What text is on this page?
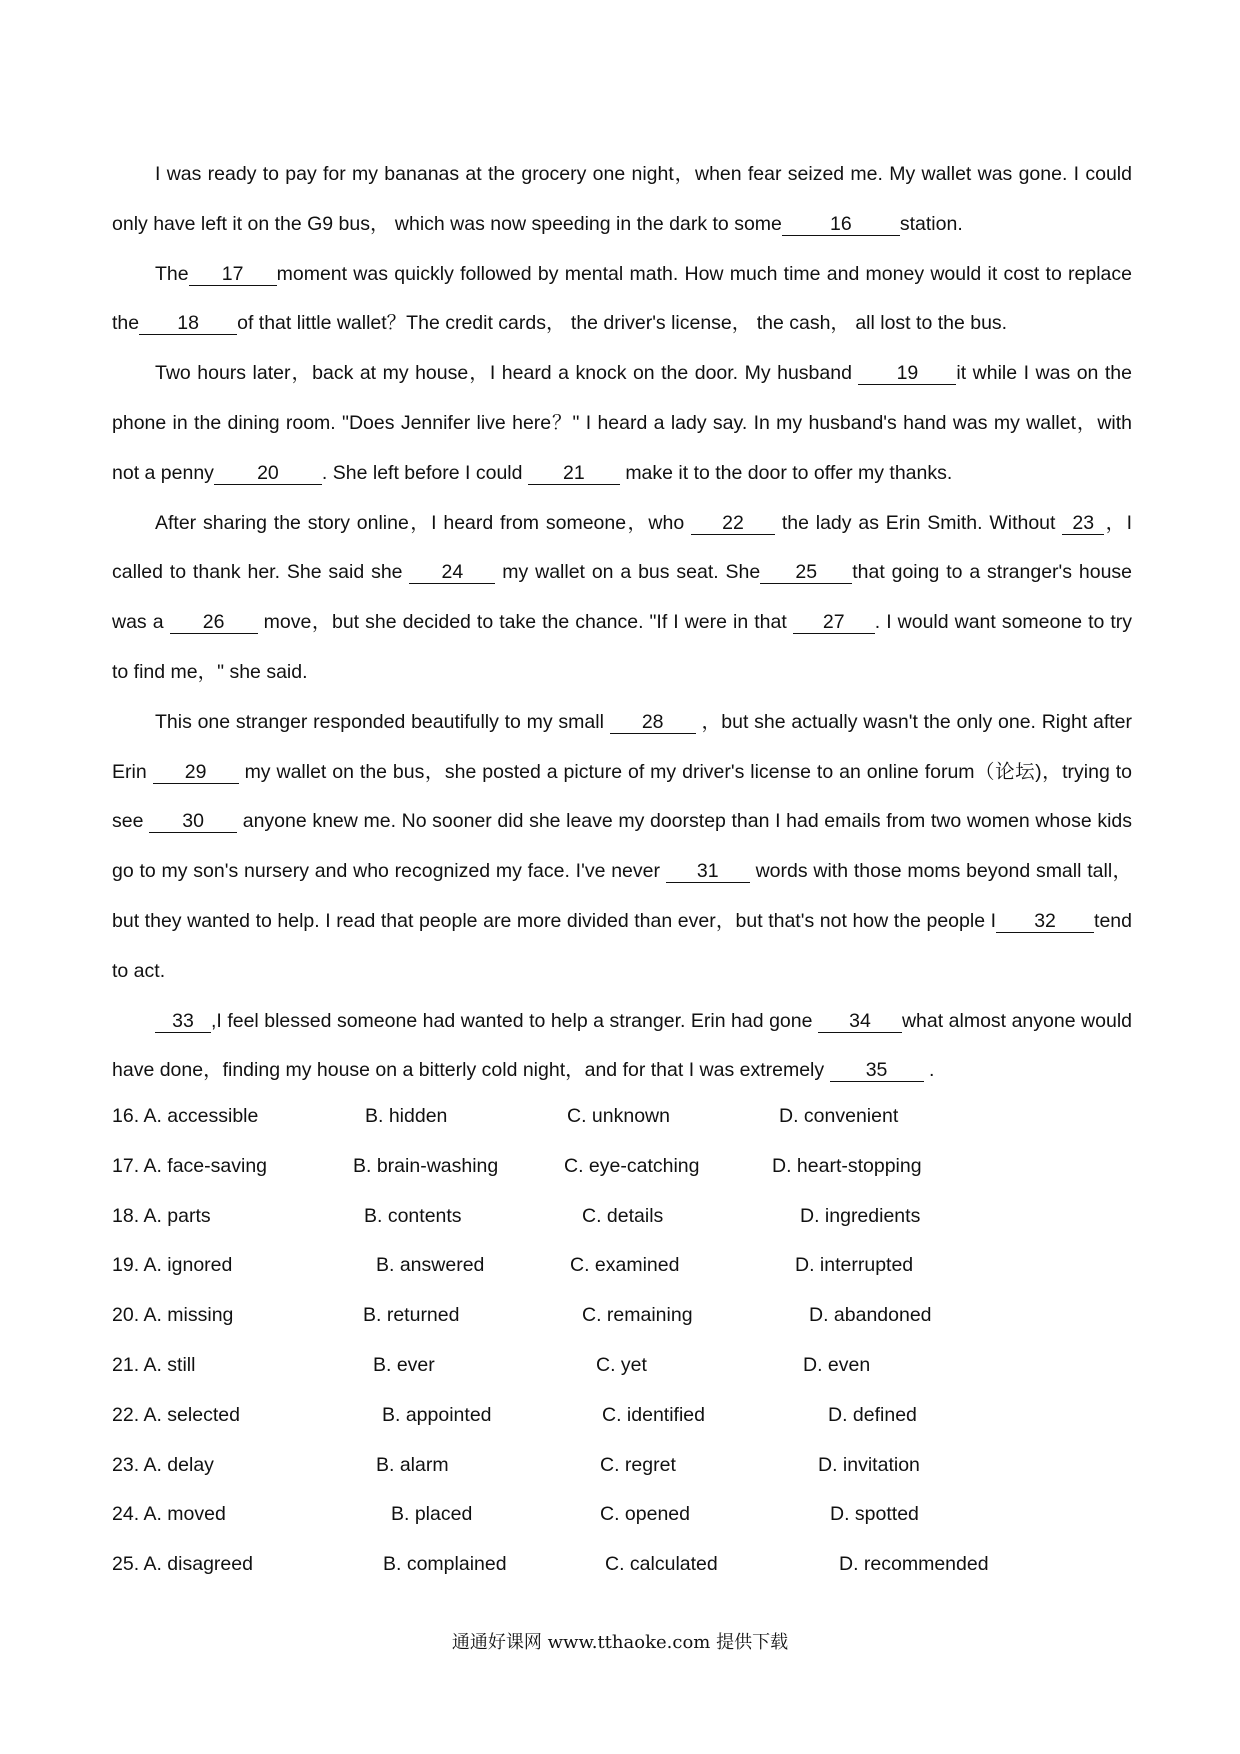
I was ready to pay for my bananas at the grocery one night，when fear seized me. My wallet was gone. I could only have left it on the G9 bus， which was now speeding in the dark to some 16 station.

The 17 moment was quickly followed by mental math. How much time and money would it cost to replace the 18 of that little wallet？The credit cards， the driver's license， the cash， all lost to the bus.

Two hours later，back at my house，I heard a knock on the door. My husband 19 it while I was on the phone in the dining room. "Does Jennifer live here？" I heard a lady say. In my husband's hand was my wallet，with not a penny 20 . She left before I could 21 make it to the door to offer my thanks.

After sharing the story online，I heard from someone，who 22 the lady as Erin Smith. Without 23 ，I called to thank her. She said she 24 my wallet on a bus seat. She 25 that going to a stranger's house was a 26 move，but she decided to take the chance. "If I were in that 27 . I would want someone to try to find me，" she said.

This one stranger responded beautifully to my small 28 ，but she actually wasn't the only one. Right after Erin 29 my wallet on the bus，she posted a picture of my driver's license to an online forum（论坛)，trying to see 30 anyone knew me. No sooner did she leave my doorstep than I had emails from two women whose kids go to my son's nursery and who recognized my face. I've never 31 words with those moms beyond small tall，but they wanted to help. I read that people are more divided than ever，but that's not how the people I 32 tend to act.

33 ,I feel blessed someone had wanted to help a stranger. Erin had gone 34 what almost anyone would have done，finding my house on a bitterly cold night，and for that I was extremely 35 .

16. A. accessible	B. hidden	C. unknown	D. convenient
17. A. face-saving	B. brain-washing	C. eye-catching	D. heart-stopping
18. A. parts	B. contents	C. details	D. ingredients
19. A. ignored	B. answered	C. examined	D. interrupted
20. A. missing	B. returned	C. remaining	D. abandoned
21. A. still	B. ever	C. yet	D. even
22. A. selected	B. appointed	C. identified	D. defined
23. A. delay	B. alarm	C. regret	D. invitation
24. A. moved	B. placed	C. opened	D. spotted
25. A. disagreed	B. complained	C. calculated	D. recommended
通通好课网 www.tthaoke.com 提供下载
